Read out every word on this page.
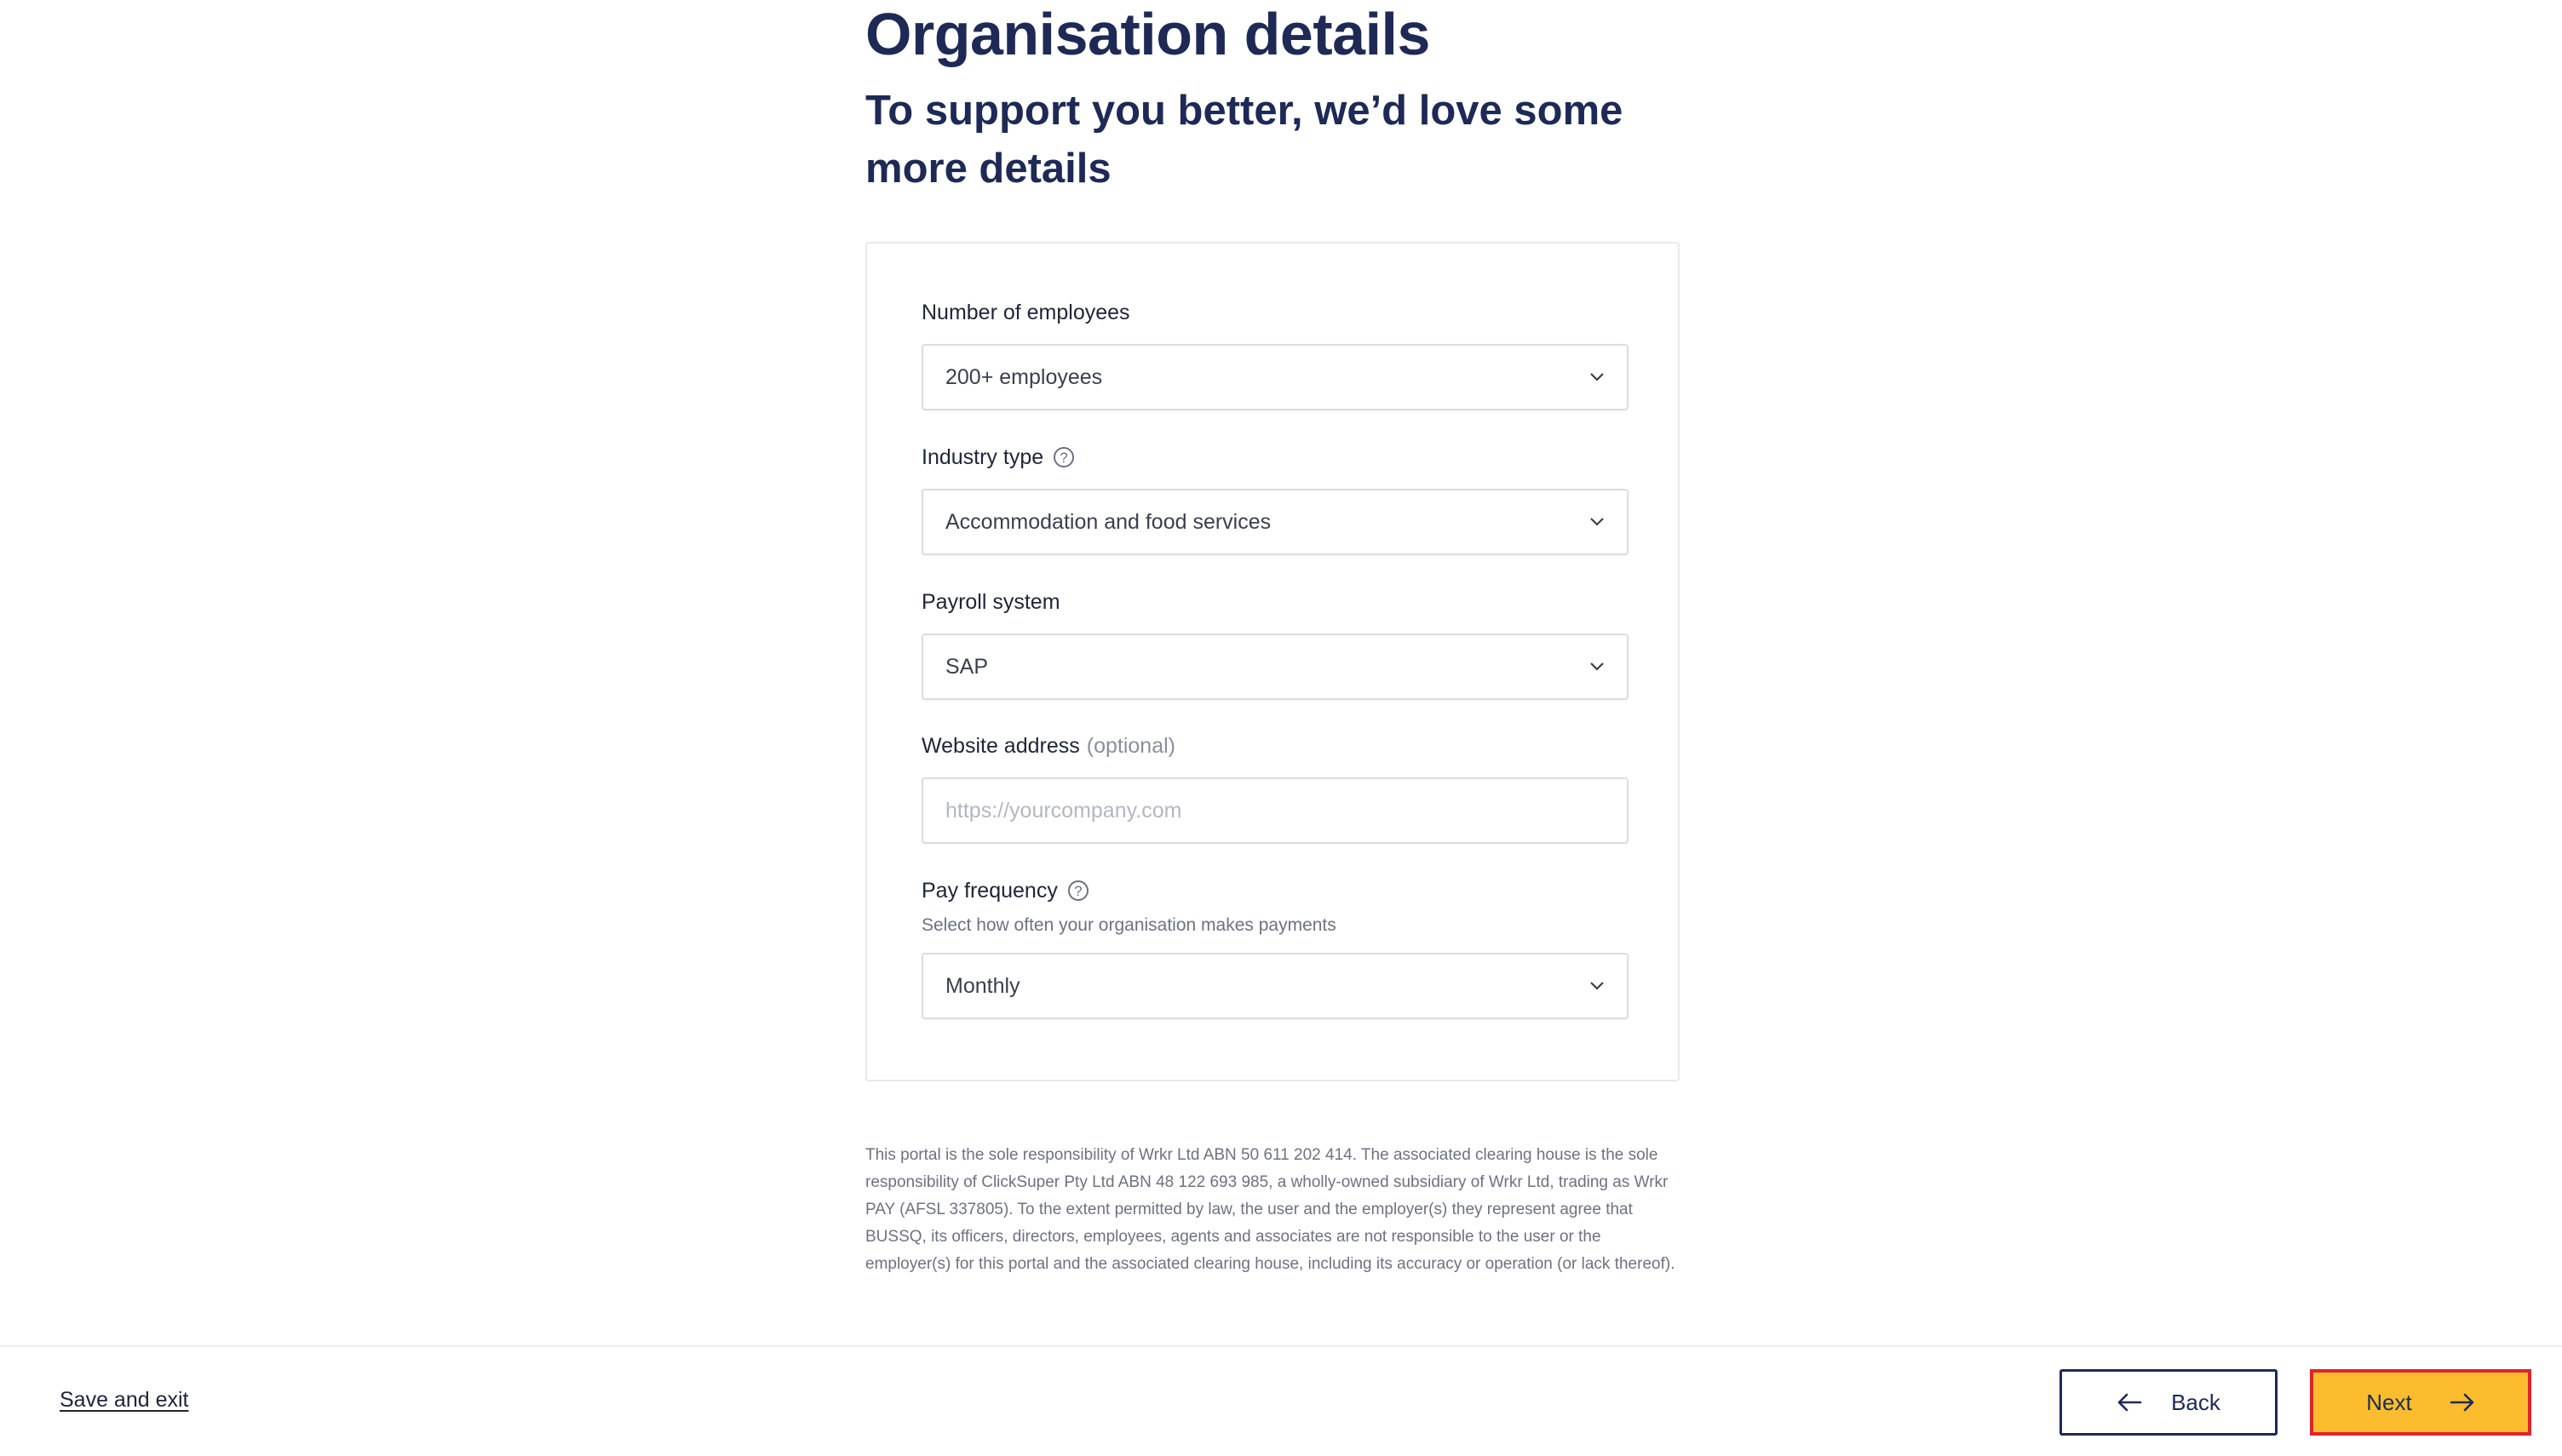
Organisation details
To support you better, we’d love some more details
Number of employees
200+ employees
Industry type	?
Accommodation and food services
Payroll system
SAP
Website address (optional)
https://yourcompany.com
Pay frequency	?
Select how often your organisation makes payments
Monthly

This portal is the sole responsibility of Wrkr Ltd ABN 50 611 202 414. The associated clearing house is the sole responsibility of ClickSuper Pty Ltd ABN 48 122 693 985, a wholly-owned subsidiary of Wrkr Ltd, trading as Wrkr PAY (AFSL 337805). To the extent permitted by law, the user and the employer(s) they represent agree that BUSSQ, its officers, directors, employees, agents and associates are not responsible to the user or the employer(s) for this portal and the associated clearing house, including its accuracy or operation (or lack thereof).

Save and exit	Back	Next
